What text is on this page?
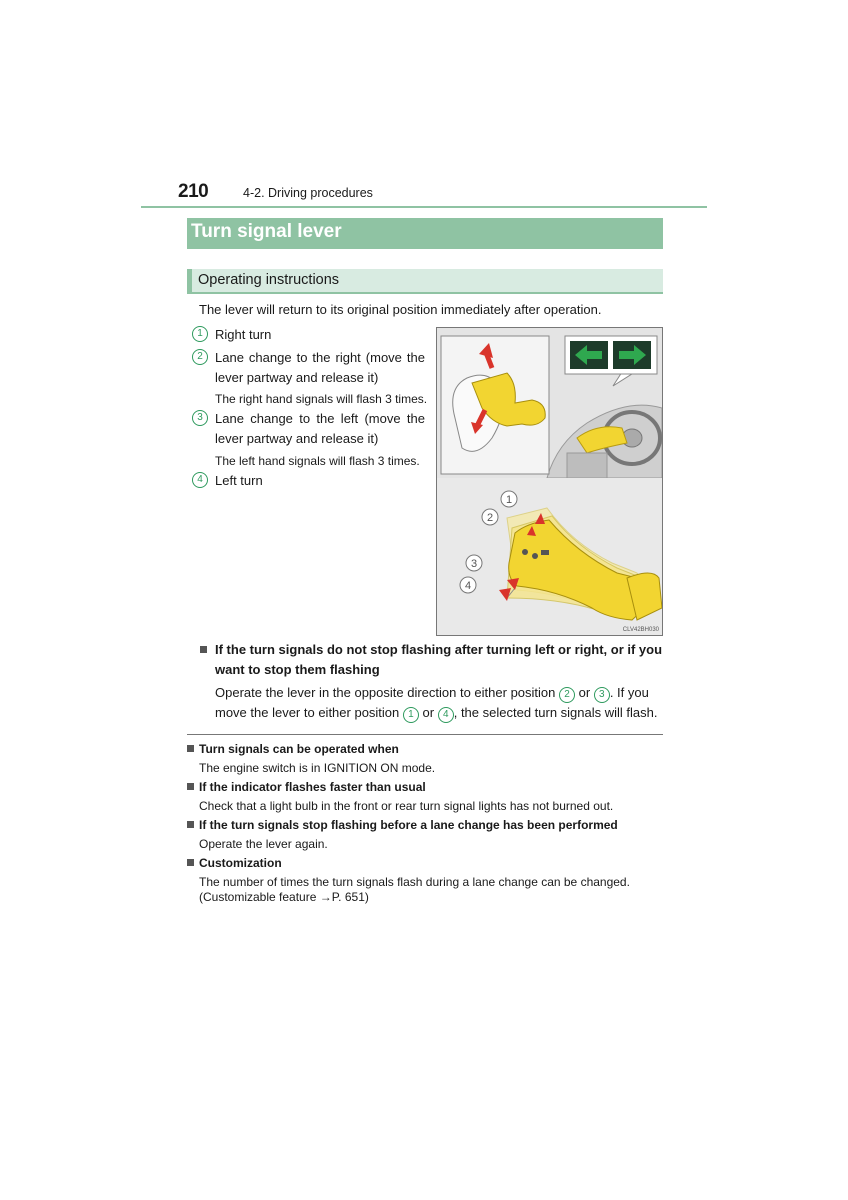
210	4-2. Driving procedures
Turn signal lever
Operating instructions
The lever will return to its original position immediately after operation.
1 Right turn
2 Lane change to the right (move the lever partway and release it)
The right hand signals will flash 3 times.
3 Lane change to the left (move the lever partway and release it)
The left hand signals will flash 3 times.
4 Left turn
1
2
3
4
CLV42BH030
If the turn signals do not stop flashing after turning left or right, or if you want to stop them flashing
Operate the lever in the opposite direction to either position 2 or 3 . If you
move the lever to either position 1 or 4 , the selected turn signals will flash.
Turn signals can be operated when
The engine switch is in IGNITION ON mode.
If the indicator flashes faster than usual
Check that a light bulb in the front or rear turn signal lights has not burned out.
If the turn signals stop flashing before a lane change has been performed
Operate the lever again.
Customization
The number of times the turn signals flash during a lane change can be changed.
(Customizable feature →P. 651)
